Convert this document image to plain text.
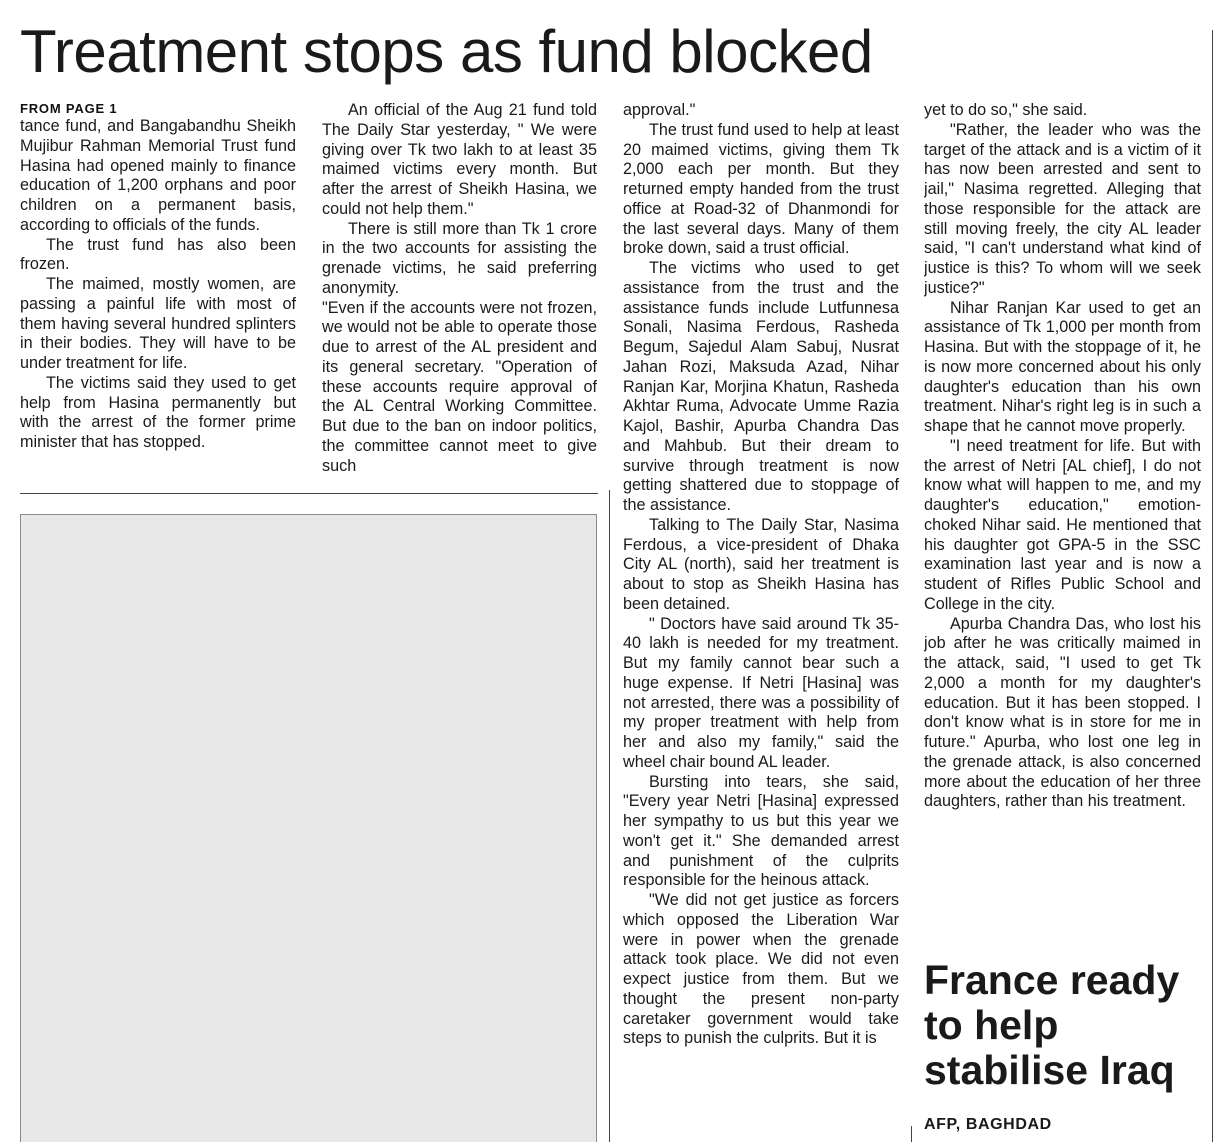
Treatment stops as fund blocked
FROM PAGE 1

tance fund, and Bangabandhu Sheikh Mujibur Rahman Memorial Trust fund Hasina had opened mainly to finance education of 1,200 orphans and poor children on a permanent basis, according to officials of the funds.

The trust fund has also been frozen.

The maimed, mostly women, are passing a painful life with most of them having several hundred splinters in their bodies. They will have to be under treatment for life.

The victims said they used to get help from Hasina permanently but with the arrest of the former prime minister that has stopped.

An official of the Aug 21 fund told The Daily Star yesterday, " We were giving over Tk two lakh to at least 35 maimed victims every month. But after the arrest of Sheikh Hasina, we could not help them."

There is still more than Tk 1 crore in the two accounts for assisting the grenade victims, he said preferring anonymity.

"Even if the accounts were not frozen, we would not be able to operate those due to arrest of the AL president and its general secretary. "Operation of these accounts require approval of the AL Central Working Committee. But due to the ban on indoor politics, the committee cannot meet to give such

approval."

The trust fund used to help at least 20 maimed victims, giving them Tk 2,000 each per month. But they returned empty handed from the trust office at Road-32 of Dhanmondi for the last several days. Many of them broke down, said a trust official.

The victims who used to get assistance from the trust and the assistance funds include Lutfunnesa Sonali, Nasima Ferdous, Rasheda Begum, Sajedul Alam Sabuj, Nusrat Jahan Rozi, Maksuda Azad, Nihar Ranjan Kar, Morjina Khatun, Rasheda Akhtar Ruma, Advocate Umme Razia Kajol, Bashir, Apurba Chandra Das and Mahbub. But their dream to survive through treatment is now getting shattered due to stoppage of the assistance.

Talking to The Daily Star, Nasima Ferdous, a vice-president of Dhaka City AL (north), said her treatment is about to stop as Sheikh Hasina has been detained.

" Doctors have said around Tk 35-40 lakh is needed for my treatment. But my family cannot bear such a huge expense. If Netri [Hasina] was not arrested, there was a possibility of my proper treatment with help from her and also my family," said the wheel chair bound AL leader.

Bursting into tears, she said, "Every year Netri [Hasina] expressed her sympathy to us but this year we won't get it." She demanded arrest and punishment of the culprits responsible for the heinous attack.

"We did not get justice as forcers which opposed the Liberation War were in power when the grenade attack took place. We did not even expect justice from them. But we thought the present non-party caretaker government would take steps to punish the culprits. But it is

yet to do so," she said.

"Rather, the leader who was the target of the attack and is a victim of it has now been arrested and sent to jail," Nasima regretted. Alleging that those responsible for the attack are still moving freely, the city AL leader said, "I can't understand what kind of justice is this? To whom will we seek justice?"

Nihar Ranjan Kar used to get an assistance of Tk 1,000 per month from Hasina. But with the stoppage of it, he is now more concerned about his only daughter's education than his own treatment. Nihar's right leg is in such a shape that he cannot move properly.

"I need treatment for life. But with the arrest of Netri [AL chief], I do not know what will happen to me, and my daughter's education," emotion-choked Nihar said. He mentioned that his daughter got GPA-5 in the SSC examination last year and is now a student of Rifles Public School and College in the city.

Apurba Chandra Das, who lost his job after he was critically maimed in the attack, said, "I used to get Tk 2,000 a month for my daughter's education. But it has been stopped. I don't know what is in store for me in future." Apurba, who lost one leg in the grenade attack, is also concerned more about the education of her three daughters, rather than his treatment.

France ready to help stabilise Iraq
AFP, BAGHDAD
